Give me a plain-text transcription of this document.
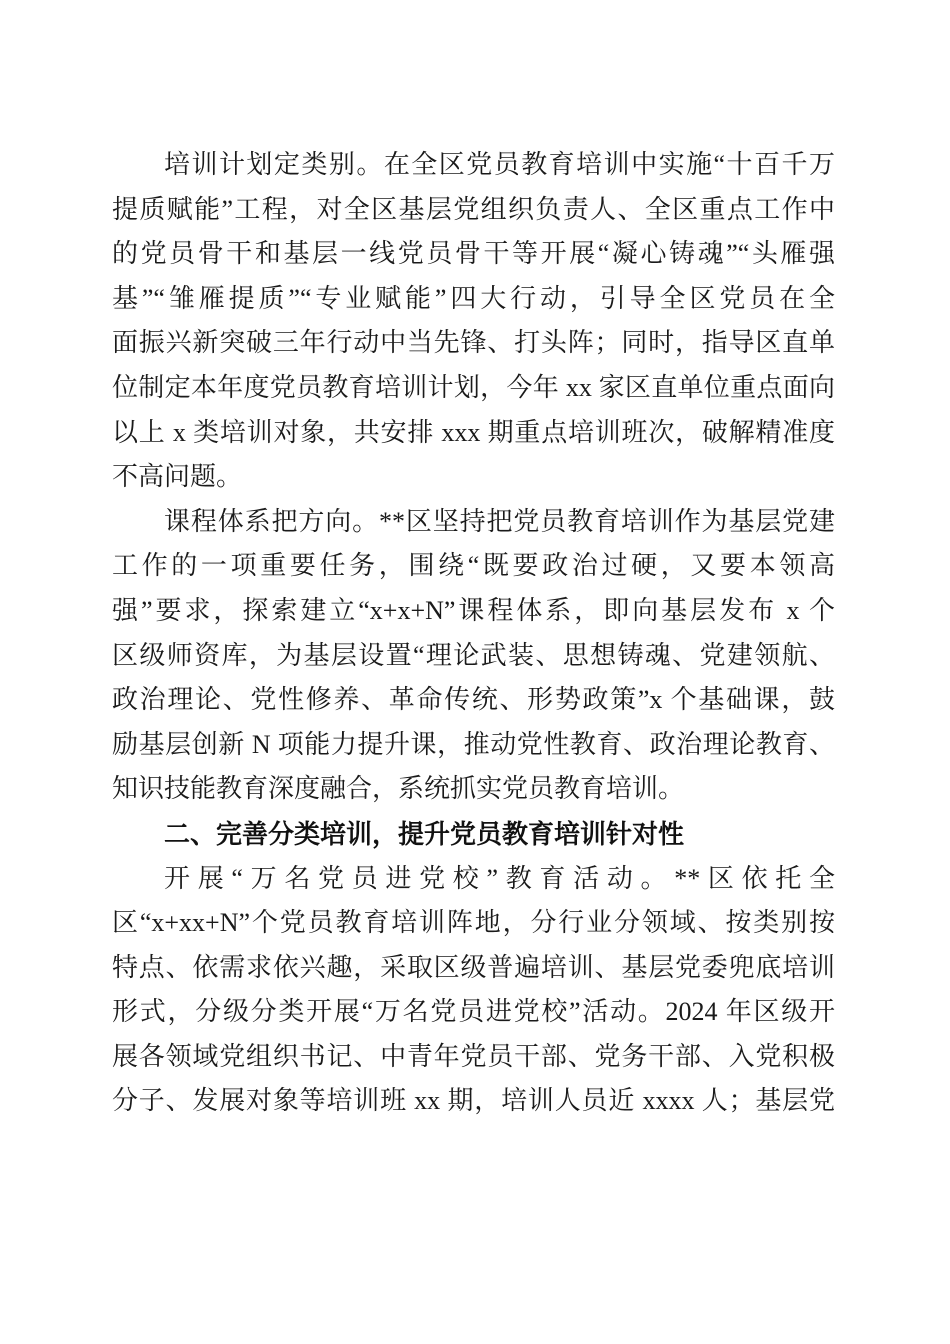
培训计划定类别。在全区党员教育培训中实施“十百千万

提质赋能”工程，对全区基层党组织负责人、全区重点工作中

的党员骨干和基层一线党员骨干等开展“凝心铸魂”“头雁强

基”“雏雁提质”“专业赋能”四大行动，引导全区党员在全

面振兴新突破三年行动中当先锋、打头阵；同时，指导区直单

位制定本年度党员教育培训计划，今年 xx 家区直单位重点面向

以上 x 类培训对象，共安排 xxx 期重点培训班次，破解精准度

不高问题。

课程体系把方向。**区坚持把党员教育培训作为基层党建

工作的一项重要任务，围绕“既要政治过硬，又要本领高

强”要求，探索建立“x+x+N”课程体系，即向基层发布 x 个

区级师资库，为基层设置“理论武装、思想铸魂、党建领航、

政治理论、党性修养、革命传统、形势政策”x 个基础课，鼓

励基层创新 N 项能力提升课，推动党性教育、政治理论教育、

知识技能教育深度融合，系统抓实党员教育培训。

二、完善分类培训，提升党员教育培训针对性

开展“万名党员进党校”教育活动。**区依托全

区“x+xx+N”个党员教育培训阵地，分行业分领域、按类别按

特点、依需求依兴趣，采取区级普遍培训、基层党委兜底培训

形式，分级分类开展“万名党员进党校”活动。2024 年区级开

展各领域党组织书记、中青年党员干部、党务干部、入党积极

分子、发展对象等培训班 xx 期，培训人员近 xxxx 人；基层党
